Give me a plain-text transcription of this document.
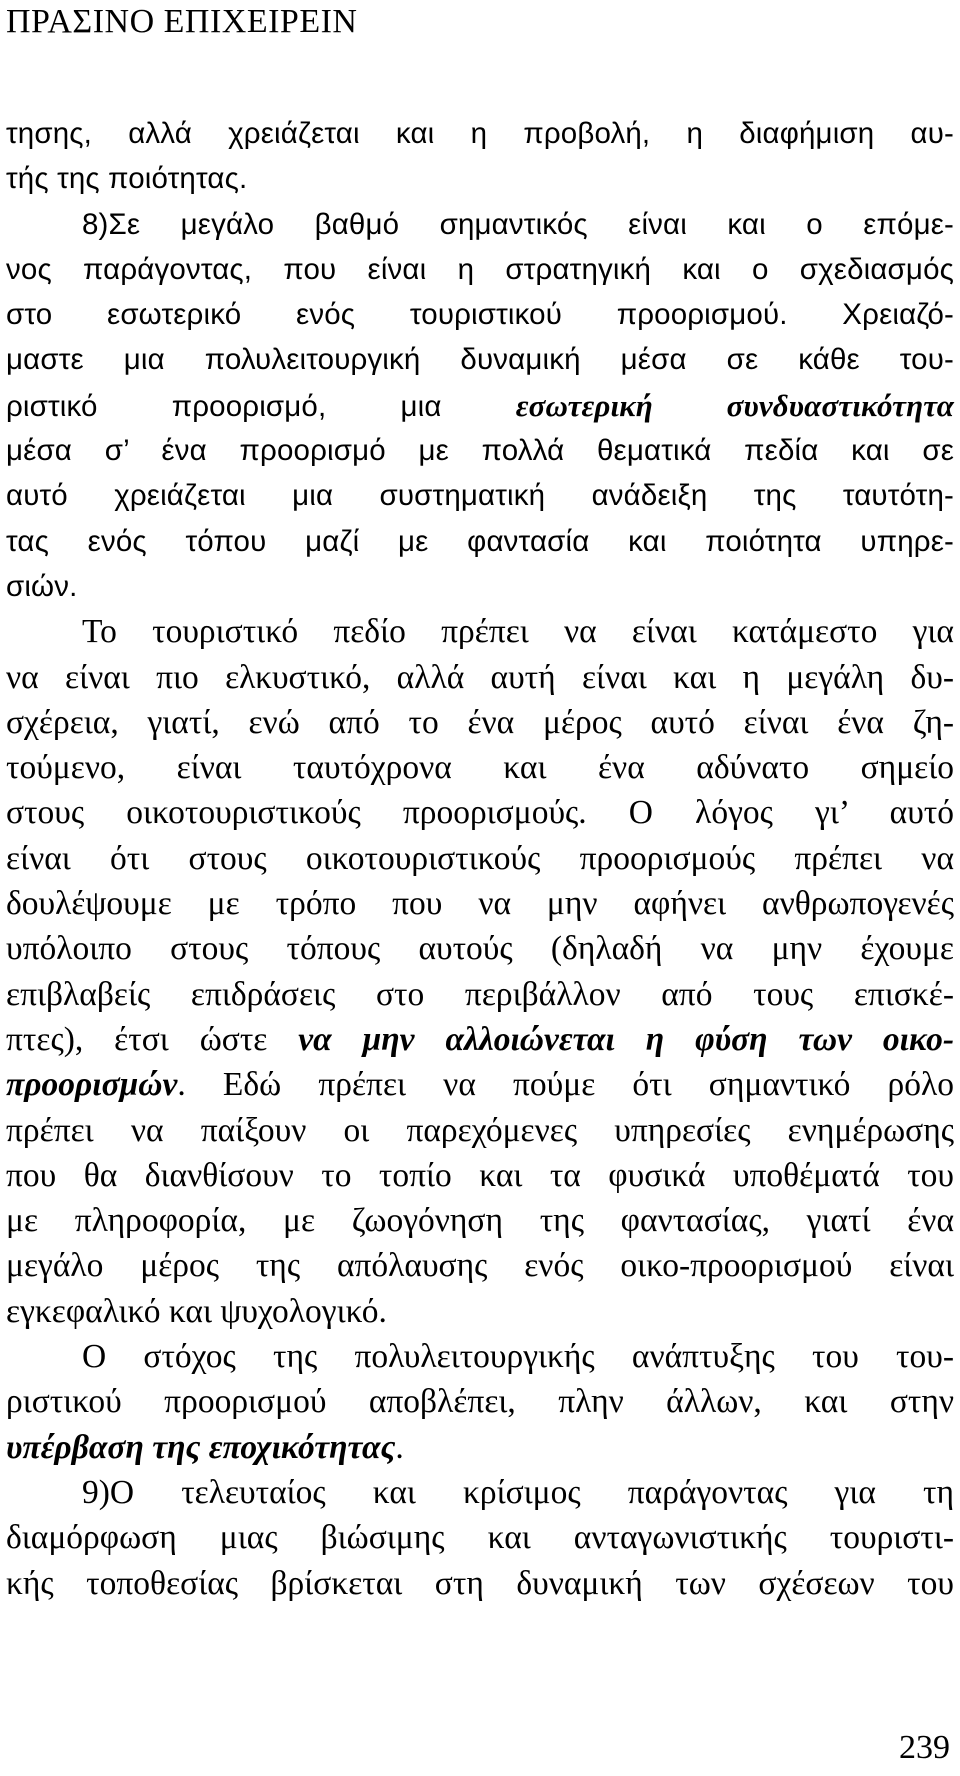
ΠΡΑΣΙΝΟ ΕΠΙΧΕΙΡΕΙΝ
τησης, αλλά χρειάζεται και η προβολή, η διαφήμιση αυ-
τής της ποιότητας.
8)Σε μεγάλο βαθμό σημαντικός είναι και ο επόμε-
νος παράγοντας, που είναι η στρατηγική και ο σχεδιασμός
στο εσωτερικό ενός τουριστικού προορισμού. Χρειαζό-
μαστε μια πολυλειτουργική δυναμική μέσα σε κάθε του-
ριστικό προορισμό, μια εσωτερική συνδυαστικότητα
μέσα σ’ ένα προορισμό με πολλά θεματικά πεδία και σε
αυτό χρειάζεται μια συστηματική ανάδειξη της ταυτότη-
τας ενός τόπου μαζί με φαντασία και ποιότητα υπηρε-
σιών.
Το τουριστικό πεδίο πρέπει να είναι κατάμεστο για
να είναι πιο ελκυστικό, αλλά αυτή είναι και η μεγάλη δυ-
σχέρεια, γιατί, ενώ από το ένα μέρος αυτό είναι ένα ζη-
τούμενο, είναι ταυτόχρονα και ένα αδύνατο σημείο
στους οικοτουριστικούς προορισμούς. Ο λόγος γι’ αυτό
είναι ότι στους οικοτουριστικούς προορισμούς πρέπει να
δουλέψουμε με τρόπο που να μην αφήνει ανθρωπογενές
υπόλοιπο στους τόπους αυτούς (δηλαδή να μην έχουμε
επιβλαβείς επιδράσεις στο περιβάλλον από τους επισκέ-
πτες), έτσι ώστε να μην αλλοιώνεται η φύση των οικο-
προορισμών. Εδώ πρέπει να πούμε ότι σημαντικό ρόλο
πρέπει να παίξουν οι παρεχόμενες υπηρεσίες ενημέρωσης
που θα διανθίσουν το τοπίο και τα φυσικά υποθέματά του
με πληροφορία, με ζωογόνηση της φαντασίας, γιατί ένα
μεγάλο μέρος της απόλαυσης ενός οικο-προορισμού είναι
εγκεφαλικό και ψυχολογικό.
Ο στόχος της πολυλειτουργικής ανάπτυξης του του-
ριστικού προορισμού αποβλέπει, πλην άλλων, και στην
υπέρβαση της εποχικότητας.
9)Ο τελευταίος και κρίσιμος παράγοντας για τη
διαμόρφωση μιας βιώσιμης και ανταγωνιστικής τουριστι-
κής τοποθεσίας βρίσκεται στη δυναμική των σχέσεων του
239
